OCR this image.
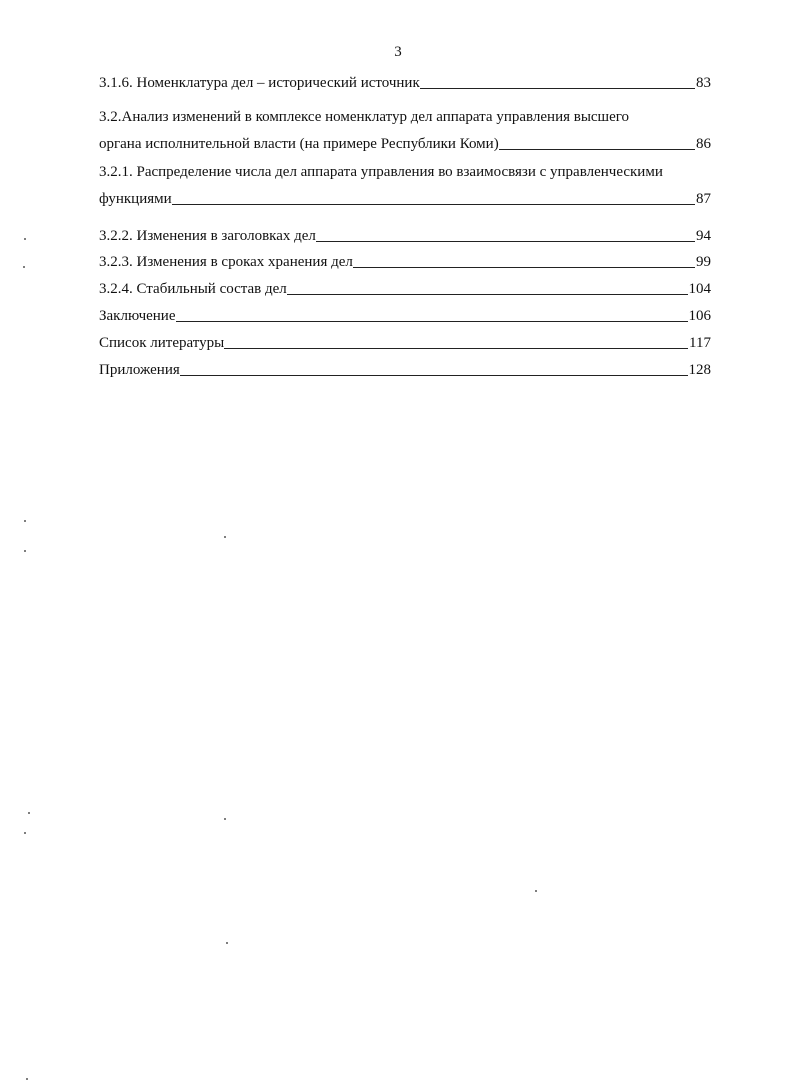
3
3.1.6. Номенклатура дел – исторический источник	83
3.2.Анализ изменений в комплексе номенклатур дел аппарата управления высшего
органа исполнительной власти (на примере Республики Коми)	86
3.2.1. Распределение числа дел аппарата управления во взаимосвязи с управленческими
функциями	87
3.2.2. Изменения в заголовках дел	94
3.2.3. Изменения в сроках хранения дел	99
3.2.4. Стабильный состав дел	104
Заключение	106
Список литературы	117
Приложения	128
